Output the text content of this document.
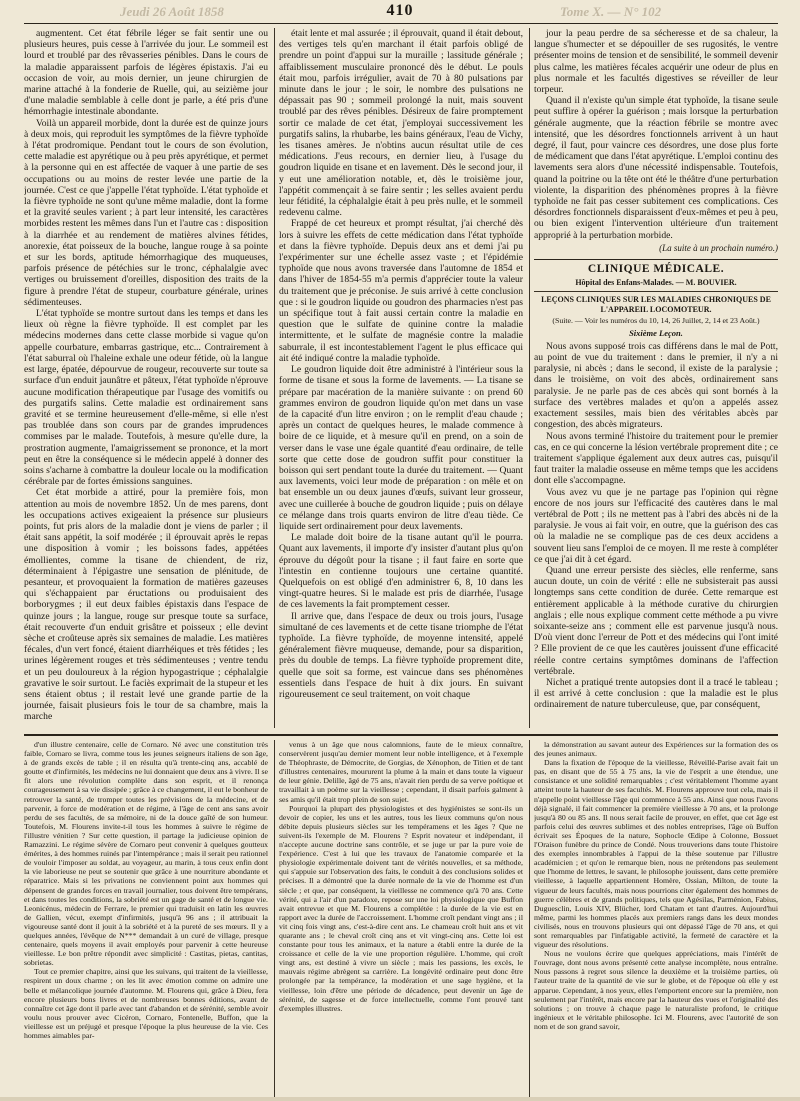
Jeudi 26 Août 1858	410	Tome X. — N° 102

augmentent. Cet état fébrile léger se fait sentir une ou plusieurs heures, puis cesse à l'arrivée du jour. Le sommeil est lourd et troublé par des rêvasseries pénibles. Dans le cours de la maladie apparaissent parfois de légères épistaxis. J'ai eu occasion de voir, au mois dernier, un jeune chirurgien de marine attaché à la fonderie de Ruelle, qui, au seizième jour d'une maladie semblable à celle dont je parle, a été pris d'une hémorrhagie intestinale abondante.

Voilà un appareil morbide, dont la durée est de quinze jours à deux mois, qui reproduit les symptômes de la fièvre typhoïde à l'état prodromique. Pendant tout le cours de son évolution, cette maladie est apyrétique ou à peu près apyrétique, et permet à la personne qui en est affectée de vaquer à une partie de ses occupations ou au moins de rester levée une partie de la journée. C'est ce que j'appelle l'état typhoïde. L'état typhoïde et la fièvre typhoïde ne sont qu'une même maladie, dont la forme et la gravité seules varient ; à part leur intensité, les caractères morbides restent les mêmes dans l'un et l'autre cas : disposition à la diarrhée et au rendement de matières alvines fétides, anorexie, état poisseux de la bouche, langue rouge à sa pointe et sur les bords, aptitude hémorrhagique des muqueuses, parfois présence de pétéchies sur le tronc, céphalalgie avec vertiges ou bruissement d'oreilles, disposition des traits de la figure à prendre l'état de stupeur, courbature générale, urines sédimenteuses.

L'état typhoïde se montre surtout dans les temps et dans les lieux où règne la fièvre typhoïde. Il est complet par les médecins modernes dans cette classe morbide si vague qu'on appelle courbature, embarras gastrique, etc... Contrairement à l'état saburral où l'haleine exhale une odeur fétide, où la langue est large, épatée, dépourvue de rougeur, recouverte sur toute sa surface d'un enduit jaunâtre et pâteux, l'état typhoïde n'éprouve aucune modification thérapeutique par l'usage des vomitifs ou des purgatifs salins. Cette maladie est ordinairement sans gravité et se termine heureusement d'elle-même, si elle n'est pas troublée dans son cours par de grandes imprudences commises par le malade. Toutefois, à mesure qu'elle dure, la prostration augmente, l'amaigrissement se prononce, et la mort peut en être la conséquence si le médecin appelé à donner des soins s'acharne à combattre la douleur locale ou la modification cérébrale par de fortes émissions sanguines.

Cet état morbide a attiré, pour la première fois, mon attention au mois de novembre 1852. Un de mes parens, dont les occupations actives exigeaient la présence sur plusieurs points, fut pris alors de la maladie dont je viens de parler ; il était sans appétit, la soif modérée ; il éprouvait après le repas une disposition à vomir ; les boissons fades, appétées émollientes, comme la tisane de chiendent, de riz, déterminaient à l'épigastre une sensation de plénitude, de pesanteur, et provoquaient la formation de matières gazeuses qui s'échappaient par éructations ou produisaient des borborygmes ; il eut deux faibles épistaxis dans l'espace de quinze jours ; la langue, rouge sur presque toute sa surface, était recouverte d'un enduit grisâtre et poisseux ; elle devint sèche et croûteuse après six semaines de maladie. Les matières fécales, d'un vert foncé, étaient diarrhéiques et très fétides ; les urines légèrement rouges et très sédimenteuses ; ventre tendu et un peu douloureux à la région hypogastrique ; céphalalgie gravative le soir surtout. Le faciès exprimait de la stupeur et les sens étaient obtus ; il restait levé une grande partie de la journée, faisait plusieurs fois le tour de sa chambre, mais la marche

était lente et mal assurée ; il éprouvait, quand il était debout, des vertiges tels qu'en marchant il était parfois obligé de prendre un point d'appui sur la muraille ; lassitude générale ; affaiblissement musculaire prononcé dès le début. Le pouls était mou, parfois irrégulier, avait de 70 à 80 pulsations par minute dans le jour ; le soir, le nombre des pulsations ne dépassait pas 90 ; sommeil prolongé la nuit, mais souvent troublé par des rêves pénibles. Désireux de faire promptement sortir ce malade de cet état, j'employai successivement les purgatifs salins, la rhubarbe, les bains généraux, l'eau de Vichy, les tisanes amères. Je n'obtins aucun résultat utile de ces médications. J'eus recours, en dernier lieu, à l'usage du goudron liquide en tisane et en lavement. Dès le second jour, il y eut une amélioration notable, et, dès le troisième jour, l'appétit commençait à se faire sentir ; les selles avaient perdu leur fétidité, la céphalalgie était à peu près nulle, et le sommeil redevenu calme.

Frappé de cet heureux et prompt résultat, j'ai cherché dès lors à suivre les effets de cette médication dans l'état typhoïde et dans la fièvre typhoïde. Depuis deux ans et demi j'ai pu l'expérimenter sur une échelle assez vaste ; et l'épidémie typhoïde que nous avons traversée dans l'automne de 1854 et dans l'hiver de 1854-55 m'a permis d'apprécier toute la valeur du traitement que je préconise. Je suis arrivé à cette conclusion que : si le goudron liquide ou goudron des pharmacies n'est pas un spécifique tout à fait aussi certain contre la maladie en question que le sulfate de quinine contre la maladie intermittente, et le sulfate de magnésie contre la maladie saburrale, il est incontestablement l'agent le plus efficace qui ait été indiqué contre la maladie typhoïde.

Le goudron liquide doit être administré à l'intérieur sous la forme de tisane et sous la forme de lavements. — La tisane se prépare par macération de la manière suivante : on prend 60 grammes environ de goudron liquide qu'on met dans un vase de la capacité d'un litre environ ; on le remplit d'eau chaude ; après un contact de quelques heures, le malade commence à boire de ce liquide, et à mesure qu'il en prend, on a soin de verser dans le vase une égale quantité d'eau ordinaire, de telle sorte que cette dose de goudron suffit pour constituer la boisson qui sert pendant toute la durée du traitement. — Quant aux lavements, voici leur mode de préparation : on mêle et on bat ensemble un ou deux jaunes d'œufs, suivant leur grosseur, avec une cuillerée à bouche de goudron liquide ; puis on délaye ce mélange dans trois quarts environ de litre d'eau tiède. Ce liquide sert ordinairement pour deux lavements.

Le malade doit boire de la tisane autant qu'il le pourra. Quant aux lavements, il importe d'y insister d'autant plus qu'on éprouve du dégoût pour la tisane ; il faut faire en sorte que l'intestin en contienne toujours une certaine quantité. Quelquefois on est obligé d'en administrer 6, 8, 10 dans les vingt-quatre heures. Si le malade est pris de diarrhée, l'usage de ces lavements la fait promptement cesser.

Il arrive que, dans l'espace de deux ou trois jours, l'usage simultané de ces lavements et de cette tisane triomphe de l'état typhoïde. La fièvre typhoïde, de moyenne intensité, appelé généralement fièvre muqueuse, demande, pour sa disparition, près du double de temps. La fièvre typhoïde proprement dite, quelle que soit sa forme, est vaincue dans ses phénomènes essentiels dans l'espace de huit à dix jours. En suivant rigoureusement ce seul traitement, on voit chaque

jour la peau perdre de sa sécheresse et de sa chaleur, la langue s'humecter et se dépouiller de ses rugosités, le ventre présenter moins de tension et de sensibilité, le sommeil devenir plus calme, les matières fécales acquérir une odeur de plus en plus normale et les facultés digestives se réveiller de leur torpeur.

Quand il n'existe qu'un simple état typhoïde, la tisane seule peut suffire à opérer la guérison ; mais lorsque la perturbation générale augmente, que la réaction fébrile se montre avec intensité, que les désordres fonctionnels arrivent à un haut degré, il faut, pour vaincre ces désordres, une dose plus forte de médicament que dans l'état apyrétique. L'emploi continu des lavements sera alors d'une nécessité indispensable. Toutefois, quand la poitrine ou la tête ont été le théâtre d'une perturbation violente, la disparition des phénomènes propres à la fièvre typhoïde ne fait pas cesser subitement ces complications. Ces désordres fonctionnels disparaissent d'eux-mêmes et peu à peu, ou bien exigent l'intervention ultérieure d'un traitement approprié à la perturbation morbide.

(La suite à un prochain numéro.)
CLINIQUE MÉDICALE.
Hôpital des Enfans-Malades. — M. BOUVIER.
LEÇONS CLINIQUES SUR LES MALADIES CHRONIQUES DE L'APPAREIL LOCOMOTEUR.
(Suite. — Voir les numéros du 10, 14, 26 Juillet, 2, 14 et 23 Août.)
Sixième Leçon.

Nous avons supposé trois cas différens dans le mal de Pott, au point de vue du traitement : dans le premier, il n'y a ni paralysie, ni abcès ; dans le second, il existe de la paralysie ; dans le troisième, on voit des abcès, ordinairement sans paralysie. Je ne parle pas de ces abcès qui sont bornés à la surface des vertèbres malades et qu'on a appelés assez exactement sessiles, mais bien des véritables abcès par congestion, des abcès migrateurs.

Nous avons terminé l'histoire du traitement pour le premier cas, en ce qui concerne la lésion vertébrale proprement dite ; ce traitement s'applique également aux deux autres cas, puisqu'il faut traiter la maladie osseuse en même temps que les accidens dont elle s'accompagne.

Vous avez vu que je ne partage pas l'opinion qui règne encore de nos jours sur l'efficacité des cautères dans le mal vertébral de Pott ; ils ne mettent pas à l'abri des abcès ni de la paralysie. Je vous ai fait voir, en outre, que la guérison des cas où la maladie ne se complique pas de ces deux accidens a souvent lieu sans l'emploi de ce moyen. Il me reste à compléter ce que j'ai dit à cet égard.

Quand une erreur persiste des siècles, elle renferme, sans aucun doute, un coin de vérité : elle ne subsisterait pas aussi longtemps sans cette condition de durée. Cette remarque est entièrement applicable à la méthode curative du chirurgien anglais ; elle nous explique comment cette méthode a pu vivre soixante-seize ans ; comment elle est parvenue jusqu'à nous. D'où vient donc l'erreur de Pott et des médecins qui l'ont imité ? Elle provient de ce que les cautères jouissent d'une efficacité réelle contre certains symptômes dominans de l'affection vertébrale.

Nichet a pratiqué trente autopsies dont il a tracé le tableau ; il est arrivé à cette conclusion : que la maladie est le plus ordinairement de nature tuberculeuse, que, par conséquent,

d'un illustre centenaire, celle de Cornaro. Né avec une constitution très faible, Cornaro se livra, comme tous les jeunes seigneurs italiens de son âge, à de grands excès de table ; il en résulta qu'à trente-cinq ans, accablé de goutte et d'infirmités, les médecins ne lui donnaient que deux ans à vivre. Il se fit alors une révolution complète dans son esprit, et il renonça courageusement à sa vie dissipée ; grâce à ce changement, il eut le bonheur de retrouver la santé, de tromper toutes les prévisions de la médecine, et de parvenir, à force de modération et de régime, à l'âge de cent ans sans avoir perdu de ses facultés, de sa mémoire, ni de la douce gaîté de son humeur. Toutefois, M. Flourens invite-t-il tous les hommes à suivre le régime de l'illustre vénitien ? Sur cette question, il partage la judicieuse opinion de Ramazzini. Le régime sévère de Cornaro peut convenir à quelques goutteux émérites, à des hommes ruinés par l'intempérance ; mais il serait peu rationnel de vouloir l'imposer au soldat, au voyageur, au marin, à tous ceux enfin dont la vie laborieuse ne peut se soutenir que grâce à une nourriture abondante et réparatrice. Mais si les privations ne conviennent point aux hommes qui dépensent de grandes forces en travail journalier, tous doivent être tempérans, et dans toutes les conditions, la sobriété est un gage de santé et de longue vie. Leonicénus, médecin de Ferrare, le premier qui traduisit en latin les œuvres de Gallien, vécut, exempt d'infirmités, jusqu'à 96 ans ; il attribuait la vigoureuse santé dont il jouit à la sobriété et à la pureté de ses mœurs. Il y a quelques années, l'évêque de N*** demandait à un curé de village, presque centenaire, quels moyens il avait employés pour parvenir à cette heureuse vieillesse. Le bon prêtre répondit avec simplicité : Castitas, pietas, cantitas, sobrietas.

Tout ce premier chapitre, ainsi que les suivans, qui traitent de la vieillesse, respirent un doux charme ; on les lit avec émotion comme on admire une belle et mélancolique journée d'automne. M. Flourens qui, grâce à Dieu, fera encore plusieurs bons livres et de nombreuses bonnes éditions, avant de connaître cet âge dont il parle avec tant d'abandon et de sérénité, semble avoir voulu nous prouver avec Cicéron, Cornaro, Fontenelle, Buffon, que la vieillesse est un préjugé et presque l'époque la plus heureuse de la vie. Ces hommes aimables par-

venus à un âge que nous calomnions, faute de le mieux connaître, conservèrent jusqu'au dernier moment leur noble intelligence, et à l'exemple de Théophraste, de Démocrite, de Gorgias, de Xénophon, de Titien et de tant d'illustres centenaires, moururent la plume à la main et dans toute la vigueur de leur génie. Delille, âgé de 75 ans, n'avait rien perdu de sa verve poétique et travaillait à un poème sur la vieillesse ; cependant, il disait parfois galment à ses amis qu'il était trop plein de son sujet.

Pourquoi la plupart des physiologistes et des hygiénistes se sont-ils un devoir de copier, les uns et les autres, tous les lieux communs qu'on nous débite depuis plusieurs siècles sur les tempéramens et les âges ? Que ne suivent-ils l'exemple de M. Flourens ? Esprit novateur et indépendant, il n'accepte aucune doctrine sans contrôle, et se juge ur par la pure voie de l'expérience. C'est à lui que les travaux de l'anatomie comparée et la physiologie expérimentale doivent tant de vérités nouvelles, et sa méthode, qui s'appuie sur l'observation des faits, le conduit à des conclusions solides et précises. Il a démontré que la durée normale de la vie de l'homme est d'un siècle ; et que, par conséquent, la vieillesse ne commence qu'à 70 ans. Cette vérité, qui a l'air d'un paradoxe, repose sur une loi physiologique que Buffon avait entrevue et que M. Flourens a complétée : la durée de la vie est en rapport avec la durée de l'accroissement. L'homme croît pendant vingt ans ; il vit cinq fois vingt ans, c'est-à-dire cent ans. Le chameau croît huit ans et vit quarante ans ; le cheval croît cinq ans et vit vingt-cinq ans. Cette loi est constante pour tous les animaux, et la nature a établi entre la durée de la croissance et celle de la vie une proportion régulière. L'homme, qui croît vingt ans, est destiné à vivre un siècle ; mais les passions, les excès, le mauvais régime abrègent sa carrière. La longévité ordinaire peut donc être prolongée par la tempérance, la modération et une sage hygiène, et la vieillesse, loin d'être une période de décadence, peut devenir un âge de sérénité, de sagesse et de force intellectuelle, comme l'ont prouvé tant d'exemples illustres.

la démonstration au savant auteur des Expériences sur la formation des os des jeunes animaux.

Dans la fixation de l'époque de la vieillesse, Réveillé-Parise avait fait un pas, en disant que de 55 à 75 ans, la vie de l'esprit a une étendue, une consistance et une solidité remarquables ; c'est véritablement l'homme ayant atteint toute la hauteur de ses facultés. M. Flourens approuve tout cela, mais il n'appelle point vieillesse l'âge qui commence à 55 ans. Ainsi que nous l'avons déjà signalé, il fait commencer la première vieillesse à 70 ans, et la prolonge jusqu'à 80 ou 85 ans. Il nous serait facile de prouver, en effet, que cet âge est parfois celui des œuvres sublimes et des nobles entreprises, l'âge où Buffon écrivait ses Époques de la nature, Sophocle Œdipe à Colonne, Bossuet l'Oraison funèbre du prince de Condé. Nous trouverions dans toute l'histoire des exemples innombrables à l'appui de la thèse soutenue par l'illustre académicien ; et qu'on le remarque bien, nous ne prétendons pas seulement que l'homme de lettres, le savant, le philosophe jouissent, dans cette première vieillesse, à laquelle appartiennent Homère, Ossian, Milton, de toute la vigueur de leurs facultés, mais nous pourrions citer également des hommes de guerre célèbres et de grands politiques, tels que Agésilas, Parménion, Fabius, Duguesclin, Louis XIV, Blücher, lord Chatam et tant d'autres. Aujourd'hui même, parmi les hommes placés aux premiers rangs dans les deux mondes civilisés, nous en trouvons plusieurs qui ont dépassé l'âge de 70 ans, et qui sont remarquables par l'infatigable activité, la fermeté de caractère et la vigueur des résolutions.

Nous ne voulons écrire que quelques appréciations, mais l'intérêt de l'ouvrage, dont nous avons présenté cette analyse incomplète, nous entraîne. Nous passons à regret sous silence la deuxième et la troisième parties, où l'auteur traite de la quantité de vie sur le globe, et de l'époque où elle y est apparue. Cependant, à nos yeux, elles l'emportent encore sur la première, non seulement par l'intérêt, mais encore par la hauteur des vues et l'originalité des solutions ; on trouve à chaque page le naturaliste profond, le critique ingénieux et le véritable philosophe. Ici M. Flourens, avec l'autorité de son nom et de son grand savoir,
